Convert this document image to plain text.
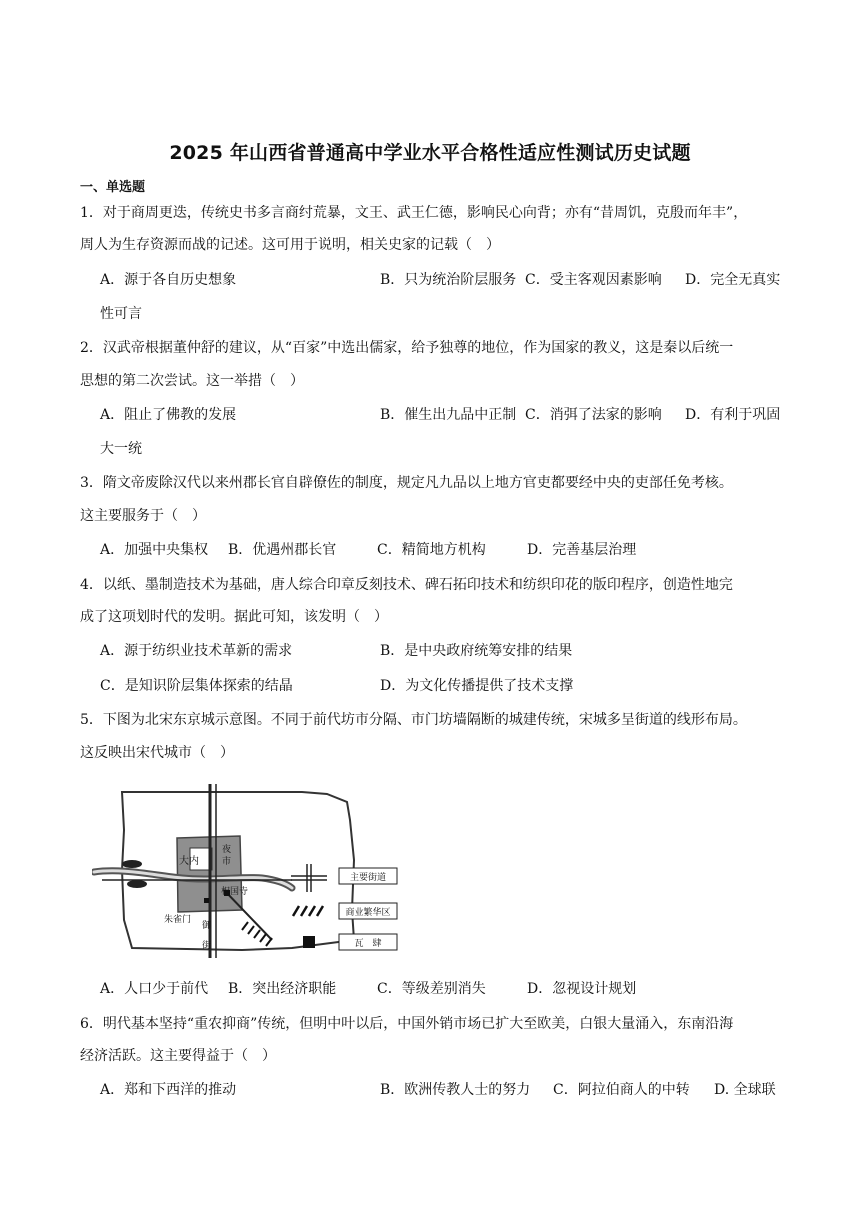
2025 年山西省普通高中学业水平合格性适应性测试历史试题
一、单选题
1．对于商周更迭，传统史书多言商纣荒暴，文王、武王仁德，影响民心向背；亦有“昔周饥，克殷而年丰”，
周人为生存资源而战的记述。这可用于说明，相关史家的记载（　）
A．源于各自历史想象	B．只为统治阶层服务 C．受主客观因素影响 D．完全无真实
性可言
2．汉武帝根据董仲舒的建议，从“百家”中选出儒家，给予独尊的地位，作为国家的教义，这是秦以后统一
思想的第二次尝试。这一举措（　）
A．阻止了佛教的发展	B．催生出九品中正制 C．消弭了法家的影响 D．有利于巩固
大一统
3．隋文帝废除汉代以来州郡长官自辟僚佐的制度，规定凡九品以上地方官吏都要经中央的吏部任免考核。
这主要服务于（　）
A．加强中央集权 B．优遇州郡长官	C．精简地方机构	D．完善基层治理
4．以纸、墨制造技术为基础，唐人综合印章反刻技术、碑石拓印技术和纺织印花的版印程序，创造性地完
成了这项划时代的发明。据此可知，该发明（　）
A．源于纺织业技术革新的需求	B．是中央政府统筹安排的结果
C．是知识阶层集体探索的结晶	D．为文化传播提供了技术支撑
5．下图为北宋东京城示意图。不同于前代坊市分隔、市门坊墙隔断的城建传统，宋城多呈街道的线形布局。
这反映出宋代城市（　）
大内
夜
市
相国寺
朱雀门
御
街
主要街道
商业繁华区
瓦　肆
A．人口少于前代 B．突出经济职能	C．等级差别消失	D．忽视设计规划
6．明代基本坚持“重农抑商”传统，但明中叶以后，中国外销市场已扩大至欧美，白银大量涌入，东南沿海
经济活跃。这主要得益于（　）
A．郑和下西洋的推动	B．欧洲传教人士的努力 C．阿拉伯商人的中转 D. 全球联
